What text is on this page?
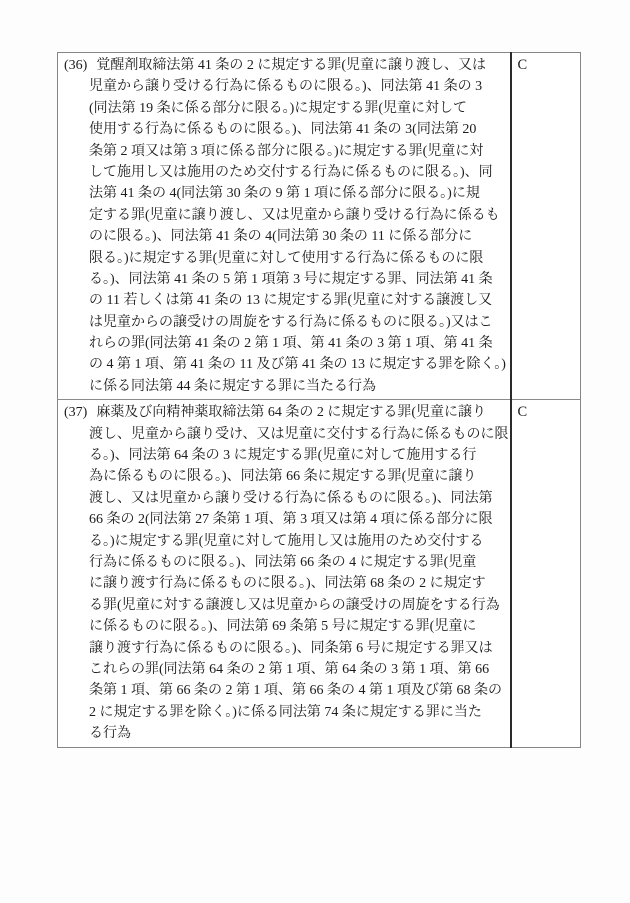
(36) 覚醒剤取締法第 41 条の 2 に規定する罪(児童に譲り渡し、又は
児童から譲り受ける行為に係るものに限る。)、同法第 41 条の 3
(同法第 19 条に係る部分に限る。)に規定する罪(児童に対して
使用する行為に係るものに限る。)、同法第 41 条の 3(同法第 20
条第 2 項又は第 3 項に係る部分に限る。)に規定する罪(児童に対
して施用し又は施用のため交付する行為に係るものに限る。)、同
法第 41 条の 4(同法第 30 条の 9 第 1 項に係る部分に限る。)に規
定する罪(児童に譲り渡し、又は児童から譲り受ける行為に係るも
のに限る。)、同法第 41 条の 4(同法第 30 条の 11 に係る部分に
限る。)に規定する罪(児童に対して使用する行為に係るものに限
る。)、同法第 41 条の 5 第 1 項第 3 号に規定する罪、同法第 41 条
の 11 若しくは第 41 条の 13 に規定する罪(児童に対する譲渡し又
は児童からの譲受けの周旋をする行為に係るものに限る。)又はこ
れらの罪(同法第 41 条の 2 第 1 項、第 41 条の 3 第 1 項、第 41 条
の 4 第 1 項、第 41 条の 11 及び第 41 条の 13 に規定する罪を除く。)
に係る同法第 44 条に規定する罪に当たる行為
	C

(37) 麻薬及び向精神薬取締法第 64 条の 2 に規定する罪(児童に譲り
渡し、児童から譲り受け、又は児童に交付する行為に係るものに限
る。)、同法第 64 条の 3 に規定する罪(児童に対して施用する行
為に係るものに限る。)、同法第 66 条に規定する罪(児童に譲り
渡し、又は児童から譲り受ける行為に係るものに限る。)、同法第
66 条の 2(同法第 27 条第 1 項、第 3 項又は第 4 項に係る部分に限
る。)に規定する罪(児童に対して施用し又は施用のため交付する
行為に係るものに限る。)、同法第 66 条の 4 に規定する罪(児童
に譲り渡す行為に係るものに限る。)、同法第 68 条の 2 に規定す
る罪(児童に対する譲渡し又は児童からの譲受けの周旋をする行為
に係るものに限る。)、同法第 69 条第 5 号に規定する罪(児童に
譲り渡す行為に係るものに限る。)、同条第 6 号に規定する罪又は
これらの罪(同法第 64 条の 2 第 1 項、第 64 条の 3 第 1 項、第 66
条第 1 項、第 66 条の 2 第 1 項、第 66 条の 4 第 1 項及び第 68 条の
2 に規定する罪を除く。)に係る同法第 74 条に規定する罪に当た
る行為
	C
